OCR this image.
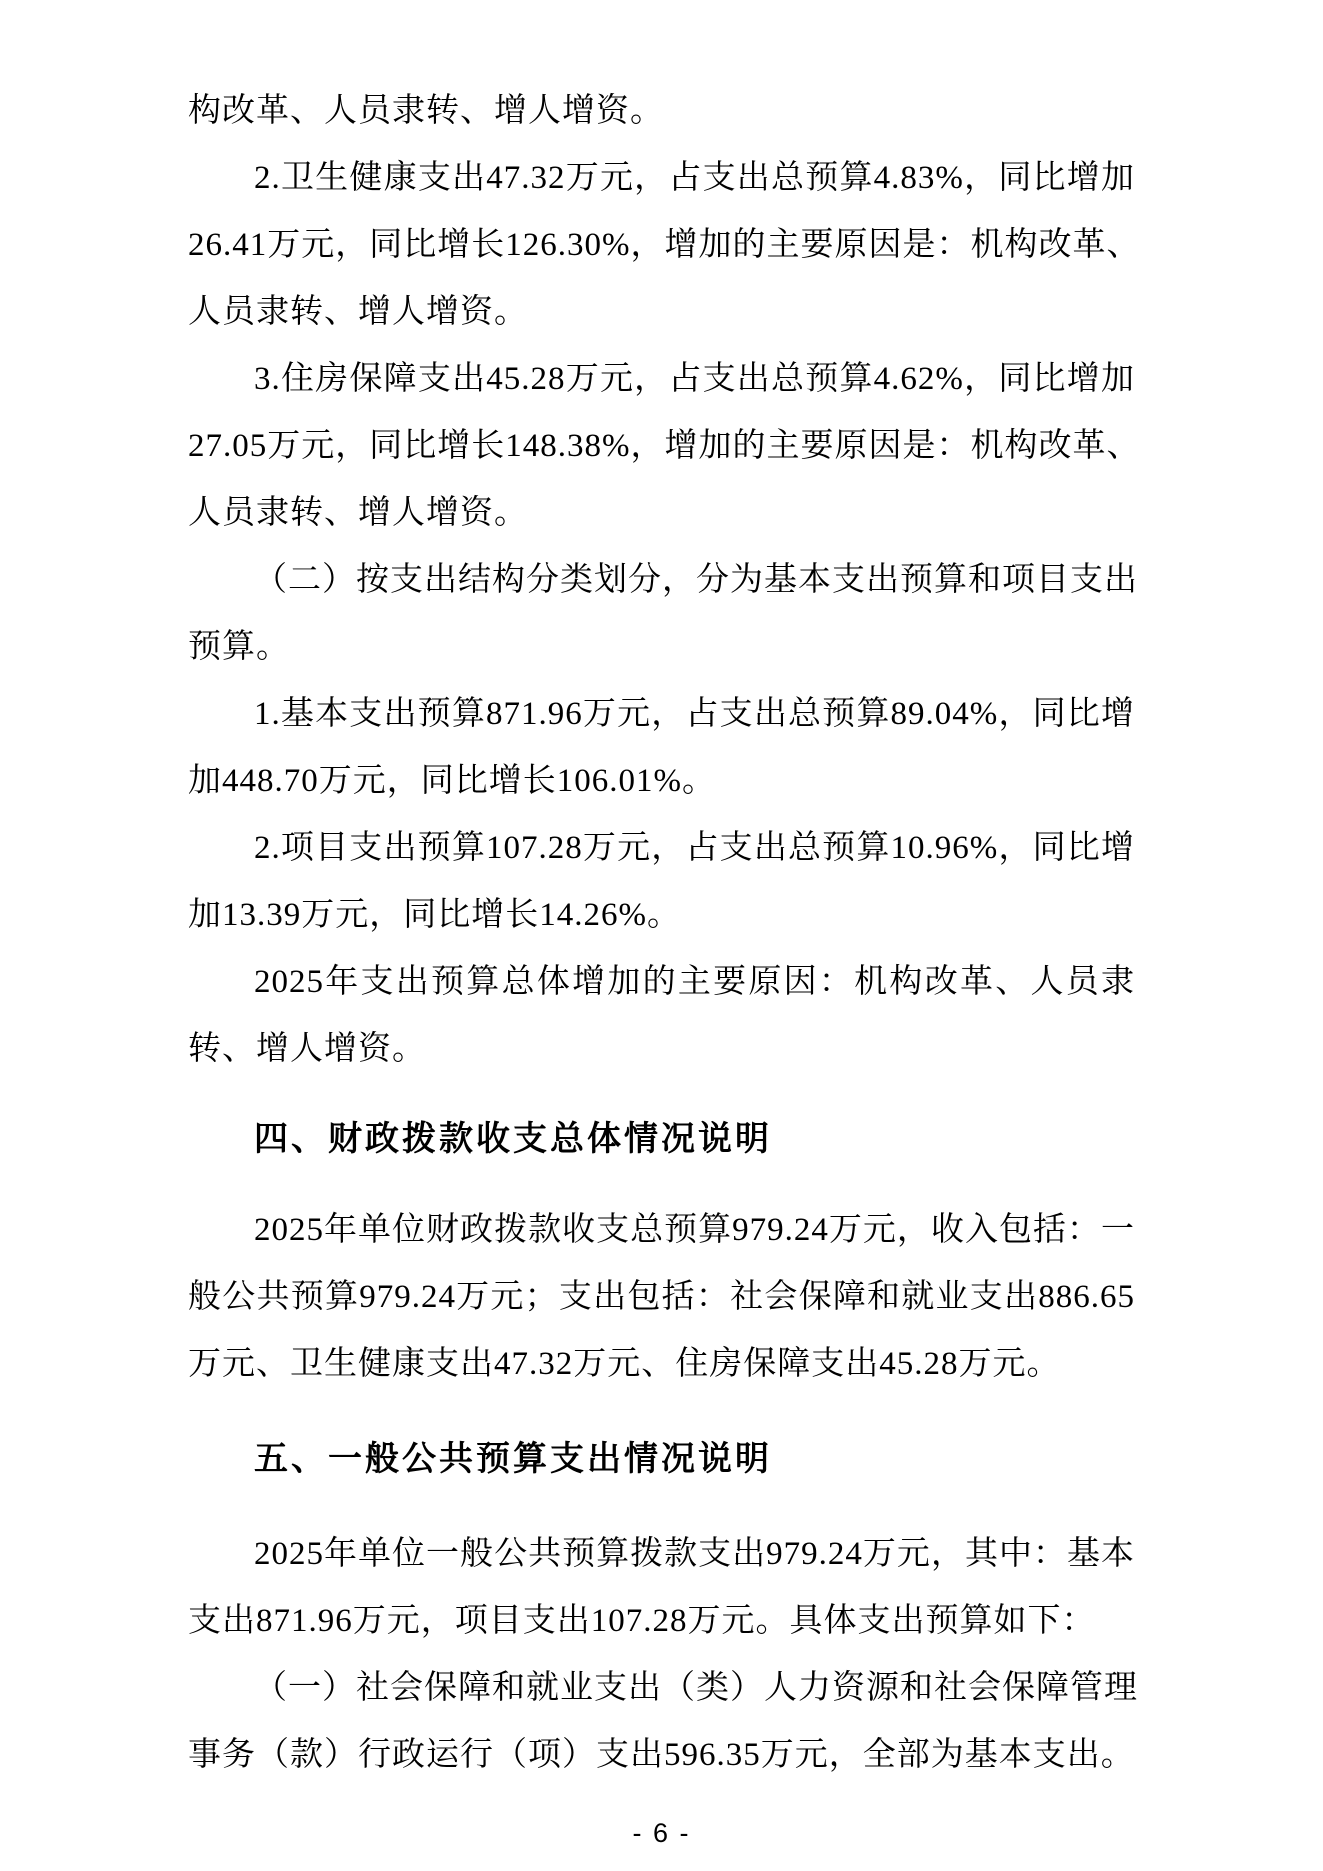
构改革、人员隶转、增人增资。
2.卫生健康支出47.32万元，占支出总预算4.83%，同比增加
26.41万元，同比增长126.30%，增加的主要原因是：机构改革、
人员隶转、增人增资。
3.住房保障支出45.28万元，占支出总预算4.62%，同比增加
27.05万元，同比增长148.38%，增加的主要原因是：机构改革、
人员隶转、增人增资。
（二）按支出结构分类划分，分为基本支出预算和项目支出
预算。
1.基本支出预算871.96万元，占支出总预算89.04%，同比增
加448.70万元，同比增长106.01%。
2.项目支出预算107.28万元，占支出总预算10.96%，同比增
加13.39万元，同比增长14.26%。
2025年支出预算总体增加的主要原因：机构改革、人员隶
转、增人增资。
四、财政拨款收支总体情况说明
2025年单位财政拨款收支总预算979.24万元，收入包括：一
般公共预算979.24万元；支出包括：社会保障和就业支出886.65
万元、卫生健康支出47.32万元、住房保障支出45.28万元。
五、一般公共预算支出情况说明
2025年单位一般公共预算拨款支出979.24万元，其中：基本
支出871.96万元，项目支出107.28万元。具体支出预算如下：
（一）社会保障和就业支出（类）人力资源和社会保障管理
事务（款）行政运行（项）支出596.35万元，全部为基本支出。
- 6 -
